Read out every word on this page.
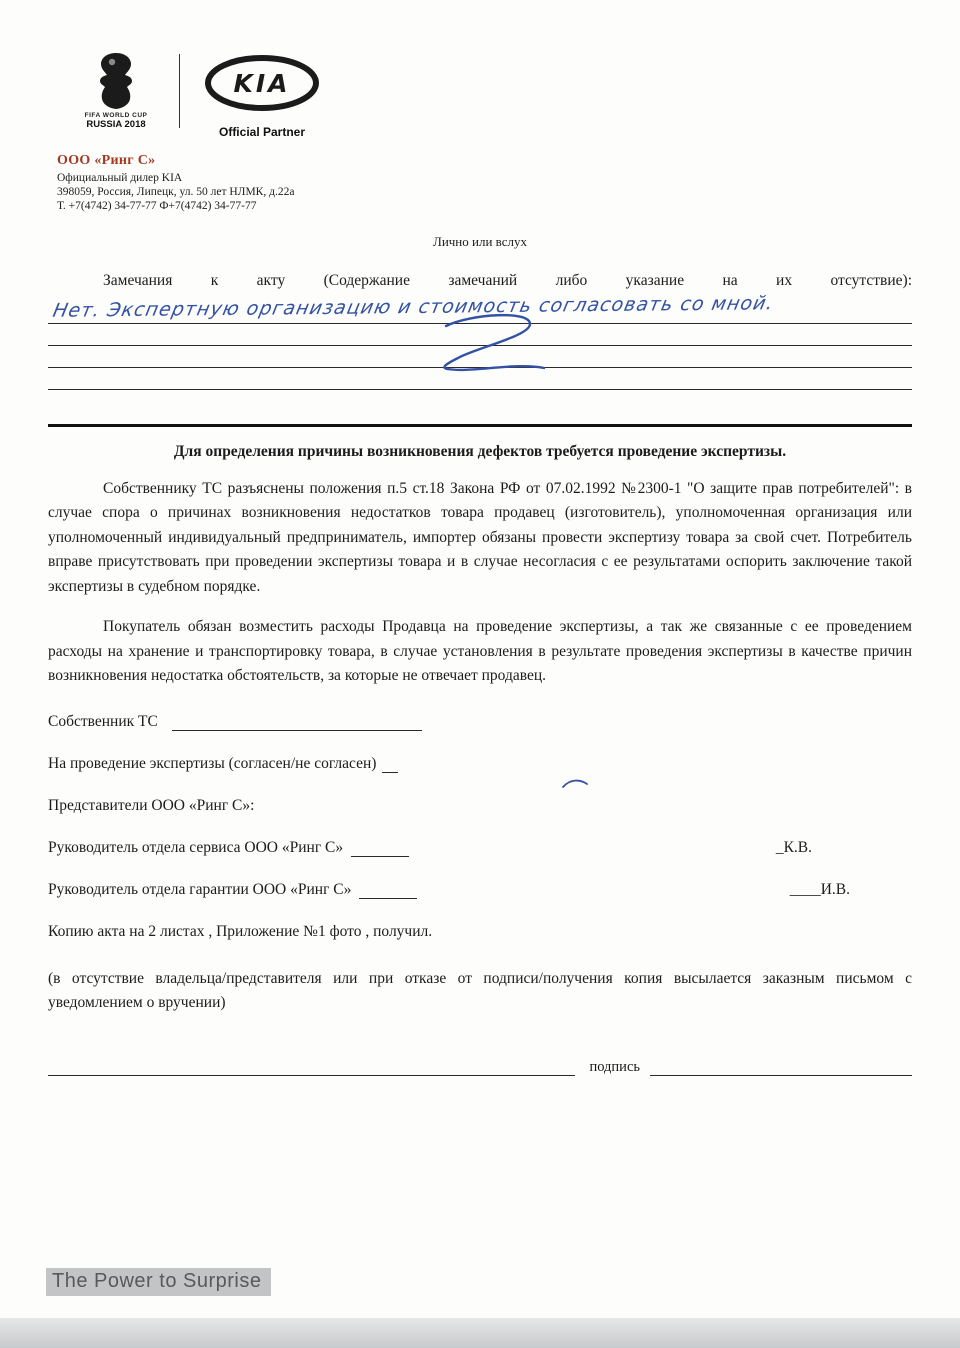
FIFA WORLD CUP
RUSSIA 2018
KIA
Official Partner
ООО «Ринг С»
Официальный дилер KIA
398059, Россия, Липецк, ул. 50 лет НЛМК, д.22а
Т. +7(4742) 34-77-77 Ф+7(4742) 34-77-77
Лично или вслух
Замечания к акту (Содержание замечаний либо указание на их отсутствие):
Нет. Экспертную организацию и стоимость согласовать со мной.
Для определения причины возникновения дефектов требуется проведение экспертизы.
Собственнику ТС разъяснены положения п.5 ст.18 Закона РФ от 07.02.1992 №2300-1 "О защите прав потребителей": в случае спора о причинах возникновения недостатков товара продавец (изготовитель), уполномоченная организация или уполномоченный индивидуальный предприниматель, импортер обязаны провести экспертизу товара за свой счет. Потребитель вправе присутствовать при проведении экспертизы товара и в случае несогласия с ее результатами оспорить заключение такой экспертизы в судебном порядке.
Покупатель обязан возместить расходы Продавца на проведение экспертизы, а так же связанные с ее проведением расходы на хранение и транспортировку товара, в случае установления в результате проведения экспертизы в качестве причин возникновения недостатка обстоятельств, за которые не отвечает продавец.
Собственник ТС
На проведение экспертизы (согласен/не согласен)
Представители ООО «Ринг С»:
Руководитель отдела сервиса ООО «Ринг С»	_К.В.
Руководитель отдела гарантии ООО «Ринг С»	____И.В.
Копию акта на 2 листах , Приложение №1 фото , получил.
(в отсутствие владельца/представителя или при отказе от подписи/получения копия высылается заказным письмом с уведомлением о вручении)
подпись
The Power to Surprise
